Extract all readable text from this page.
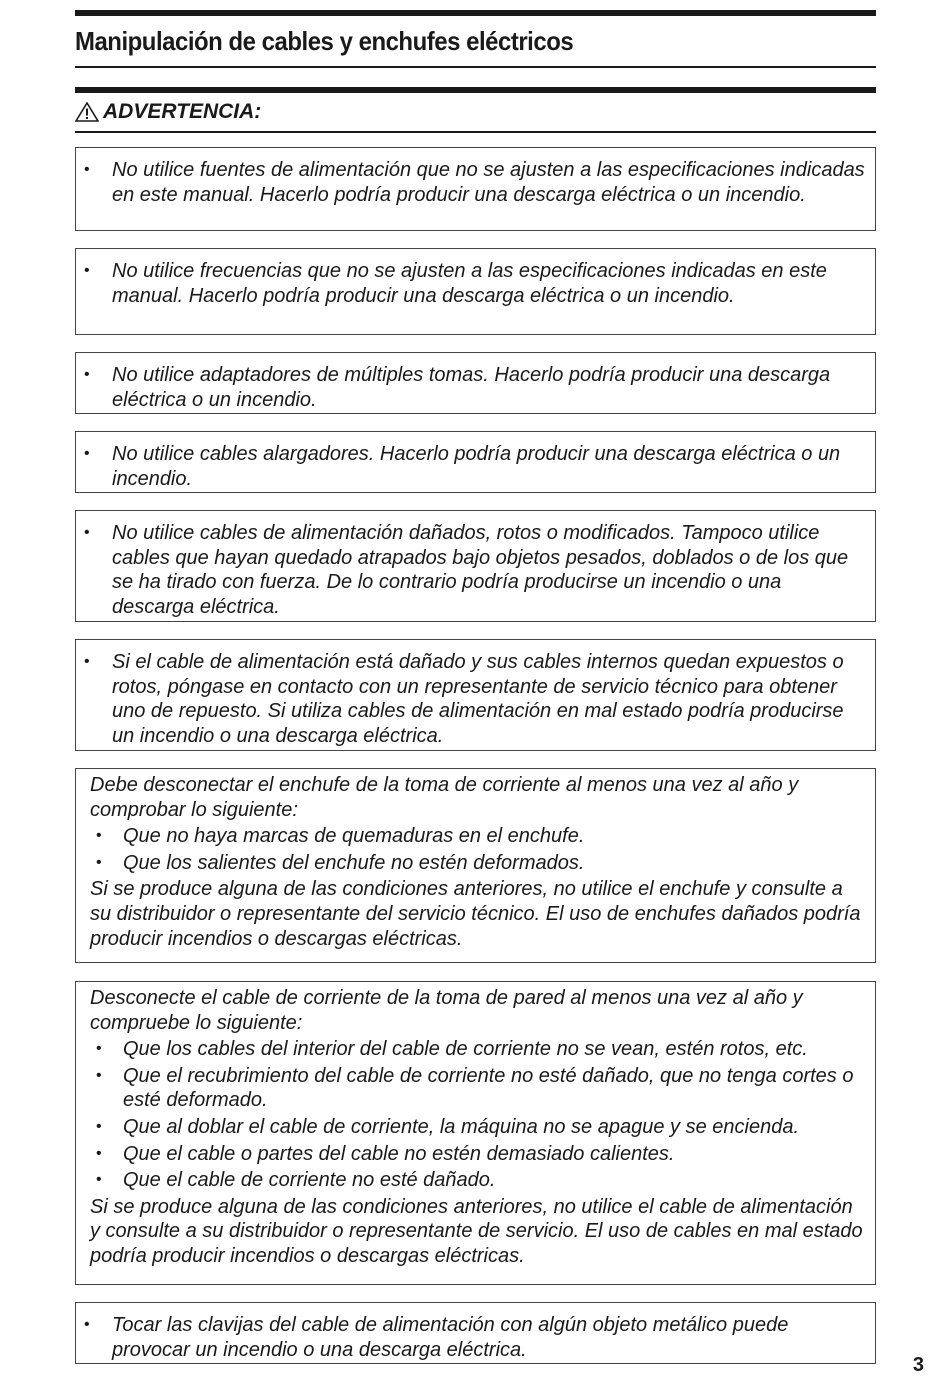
Manipulación de cables y enchufes eléctricos
ADVERTENCIA:
• No utilice fuentes de alimentación que no se ajusten a las especificaciones indicadas en este manual. Hacerlo podría producir una descarga eléctrica o un incendio.
• No utilice frecuencias que no se ajusten a las especificaciones indicadas en este manual. Hacerlo podría producir una descarga eléctrica o un incendio.
• No utilice adaptadores de múltiples tomas. Hacerlo podría producir una descarga eléctrica o un incendio.
• No utilice cables alargadores. Hacerlo podría producir una descarga eléctrica o un incendio.
• No utilice cables de alimentación dañados, rotos o modificados. Tampoco utilice cables que hayan quedado atrapados bajo objetos pesados, doblados o de los que se ha tirado con fuerza. De lo contrario podría producirse un incendio o una descarga eléctrica.
• Si el cable de alimentación está dañado y sus cables internos quedan expuestos o rotos, póngase en contacto con un representante de servicio técnico para obtener uno de repuesto. Si utiliza cables de alimentación en mal estado podría producirse un incendio o una descarga eléctrica.
Debe desconectar el enchufe de la toma de corriente al menos una vez al año y comprobar lo siguiente:
• Que no haya marcas de quemaduras en el enchufe.
• Que los salientes del enchufe no estén deformados.
Si se produce alguna de las condiciones anteriores, no utilice el enchufe y consulte a su distribuidor o representante del servicio técnico. El uso de enchufes dañados podría producir incendios o descargas eléctricas.
Desconecte el cable de corriente de la toma de pared al menos una vez al año y compruebe lo siguiente:
• Que los cables del interior del cable de corriente no se vean, estén rotos, etc.
• Que el recubrimiento del cable de corriente no esté dañado, que no tenga cortes o esté deformado.
• Que al doblar el cable de corriente, la máquina no se apague y se encienda.
• Que el cable o partes del cable no estén demasiado calientes.
• Que el cable de corriente no esté dañado.
Si se produce alguna de las condiciones anteriores, no utilice el cable de alimentación y consulte a su distribuidor o representante de servicio. El uso de cables en mal estado podría producir incendios o descargas eléctricas.
• Tocar las clavijas del cable de alimentación con algún objeto metálico puede provocar un incendio o una descarga eléctrica.
3
